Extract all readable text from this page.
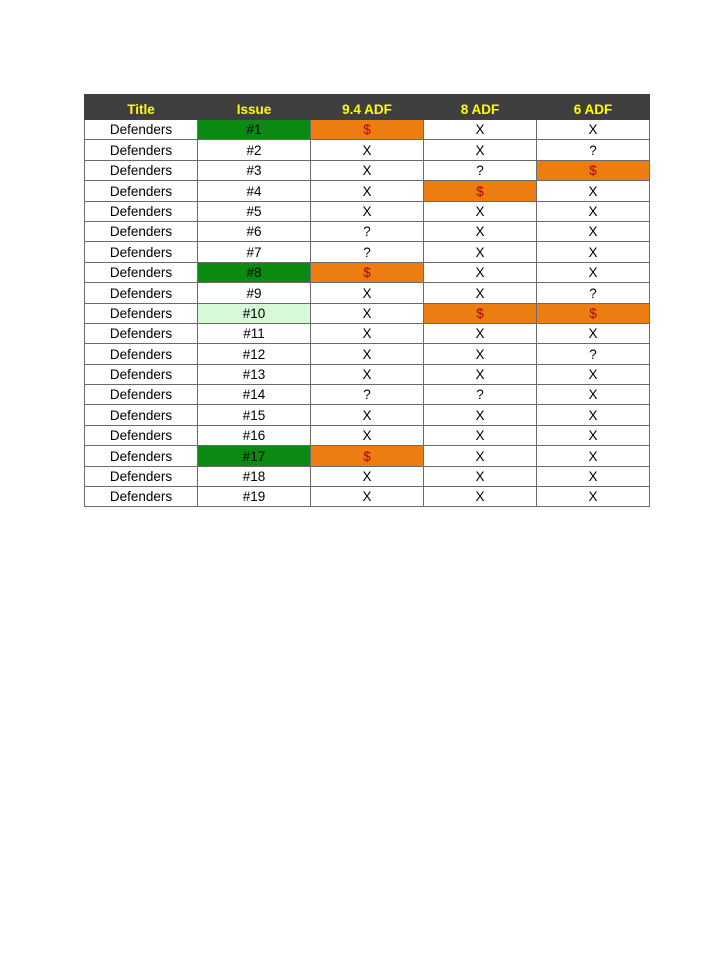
Title	Issue	9.4 ADF	8 ADF	6 ADF
Defenders	#1	$	X	X
Defenders	#2	X	X	?
Defenders	#3	X	?	$
Defenders	#4	X	$	X
Defenders	#5	X	X	X
Defenders	#6	?	X	X
Defenders	#7	?	X	X
Defenders	#8	$	X	X
Defenders	#9	X	X	?
Defenders	#10	X	$	$
Defenders	#11	X	X	X
Defenders	#12	X	X	?
Defenders	#13	X	X	X
Defenders	#14	?	?	X
Defenders	#15	X	X	X
Defenders	#16	X	X	X
Defenders	#17	$	X	X
Defenders	#18	X	X	X
Defenders	#19	X	X	X
